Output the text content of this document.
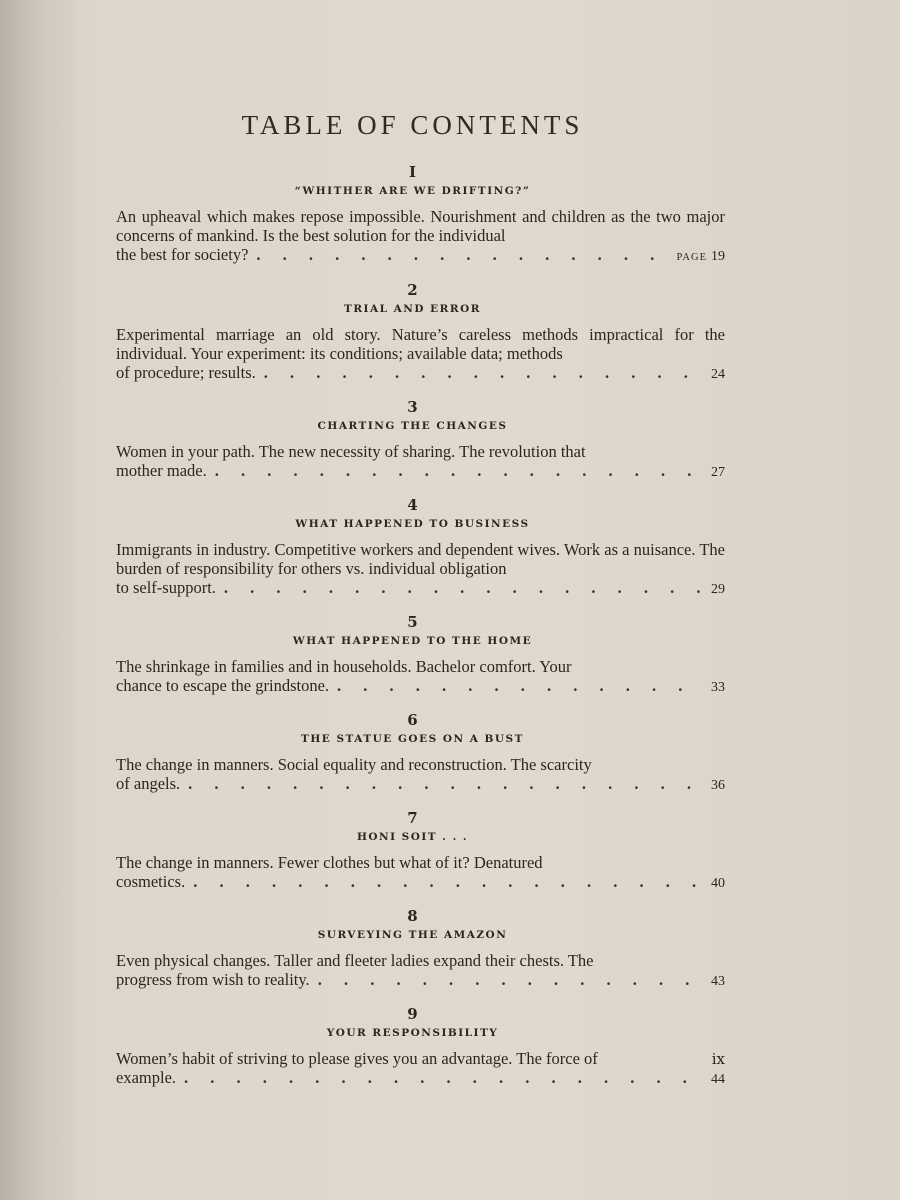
TABLE OF CONTENTS
I
“WHITHER ARE WE DRIFTING?”
An upheaval which makes repose impossible. Nourishment and children as the two major concerns of mankind. Is the best solution for the individual
the best for society? . . .	PAGE 19
2
TRIAL AND ERROR
Experimental marriage an old story. Nature’s careless methods impractical for the individual. Your experiment: its conditions; available data; methods
of procedure; results. . . .	24
3
CHARTING THE CHANGES
Women in your path. The new necessity of sharing. The revolution that
mother made. . . .	27
4
WHAT HAPPENED TO BUSINESS
Immigrants in industry. Competitive workers and dependent wives. Work as a nuisance. The burden of responsibility for others vs. individual obligation
to self-support. . . .	29
5
WHAT HAPPENED TO THE HOME
The shrinkage in families and in households. Bachelor comfort. Your
chance to escape the grindstone. . . .	33
6
THE STATUE GOES ON A BUST
The change in manners. Social equality and reconstruction. The scarcity
of angels. . . .	36
7
HONI SOIT . . .
The change in manners. Fewer clothes but what of it? Denatured
cosmetics. . . .	40
8
SURVEYING THE AMAZON
Even physical changes. Taller and fleeter ladies expand their chests. The
progress from wish to reality. . . .	43
9
YOUR RESPONSIBILITY
Women’s habit of striving to please gives you an advantage. The force of
example. . . .	44
ix
